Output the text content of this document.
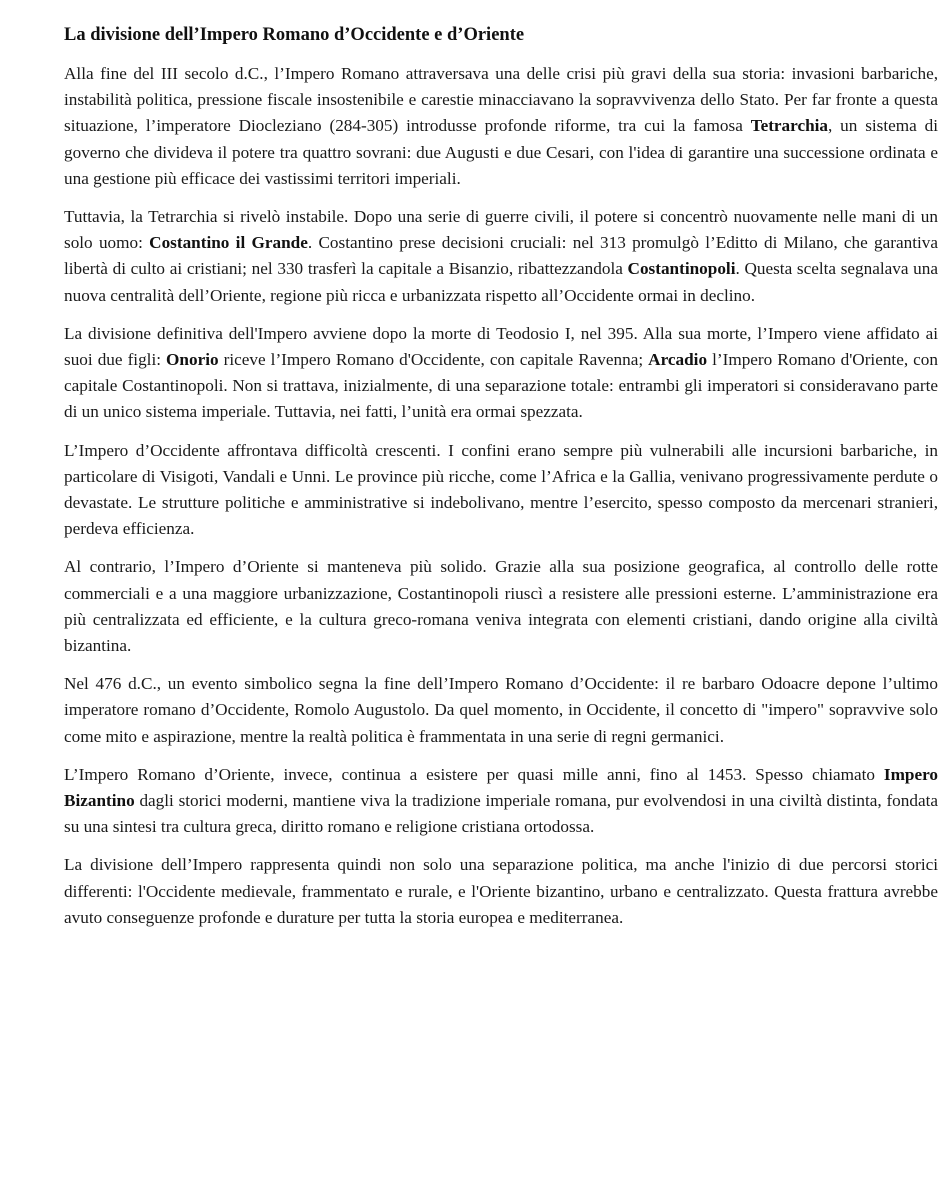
La divisione dell’Impero Romano d’Occidente e d’Oriente

Alla fine del III secolo d.C., l’Impero Romano attraversava una delle crisi più gravi della sua storia: invasioni barbariche, instabilità politica, pressione fiscale insostenibile e carestie minacciavano la sopravvivenza dello Stato. Per far fronte a questa situazione, l’imperatore Diocleziano (284-305) introdusse profonde riforme, tra cui la famosa Tetrarchia, un sistema di governo che divideva il potere tra quattro sovrani: due Augusti e due Cesari, con l'idea di garantire una successione ordinata e una gestione più efficace dei vastissimi territori imperiali.

Tuttavia, la Tetrarchia si rivelò instabile. Dopo una serie di guerre civili, il potere si concentrò nuovamente nelle mani di un solo uomo: Costantino il Grande. Costantino prese decisioni cruciali: nel 313 promulgò l’Editto di Milano, che garantiva libertà di culto ai cristiani; nel 330 trasferì la capitale a Bisanzio, ribattezzandola Costantinopoli. Questa scelta segnalava una nuova centralità dell’Oriente, regione più ricca e urbanizzata rispetto all’Occidente ormai in declino.

La divisione definitiva dell'Impero avviene dopo la morte di Teodosio I, nel 395. Alla sua morte, l’Impero viene affidato ai suoi due figli: Onorio riceve l’Impero Romano d'Occidente, con capitale Ravenna; Arcadio l’Impero Romano d'Oriente, con capitale Costantinopoli. Non si trattava, inizialmente, di una separazione totale: entrambi gli imperatori si consideravano parte di un unico sistema imperiale. Tuttavia, nei fatti, l’unità era ormai spezzata.

L’Impero d’Occidente affrontava difficoltà crescenti. I confini erano sempre più vulnerabili alle incursioni barbariche, in particolare di Visigoti, Vandali e Unni. Le province più ricche, come l’Africa e la Gallia, venivano progressivamente perdute o devastate. Le strutture politiche e amministrative si indebolivano, mentre l’esercito, spesso composto da mercenari stranieri, perdeva efficienza.

Al contrario, l’Impero d’Oriente si manteneva più solido. Grazie alla sua posizione geografica, al controllo delle rotte commerciali e a una maggiore urbanizzazione, Costantinopoli riuscì a resistere alle pressioni esterne. L’amministrazione era più centralizzata ed efficiente, e la cultura greco-romana veniva integrata con elementi cristiani, dando origine alla civiltà bizantina.

Nel 476 d.C., un evento simbolico segna la fine dell’Impero Romano d’Occidente: il re barbaro Odoacre depone l’ultimo imperatore romano d’Occidente, Romolo Augustolo. Da quel momento, in Occidente, il concetto di "impero" sopravvive solo come mito e aspirazione, mentre la realtà politica è frammentata in una serie di regni germanici.

L’Impero Romano d’Oriente, invece, continua a esistere per quasi mille anni, fino al 1453. Spesso chiamato Impero Bizantino dagli storici moderni, mantiene viva la tradizione imperiale romana, pur evolvendosi in una civiltà distinta, fondata su una sintesi tra cultura greca, diritto romano e religione cristiana ortodossa.

La divisione dell’Impero rappresenta quindi non solo una separazione politica, ma anche l'inizio di due percorsi storici differenti: l'Occidente medievale, frammentato e rurale, e l'Oriente bizantino, urbano e centralizzato. Questa frattura avrebbe avuto conseguenze profonde e durature per tutta la storia europea e mediterranea.
